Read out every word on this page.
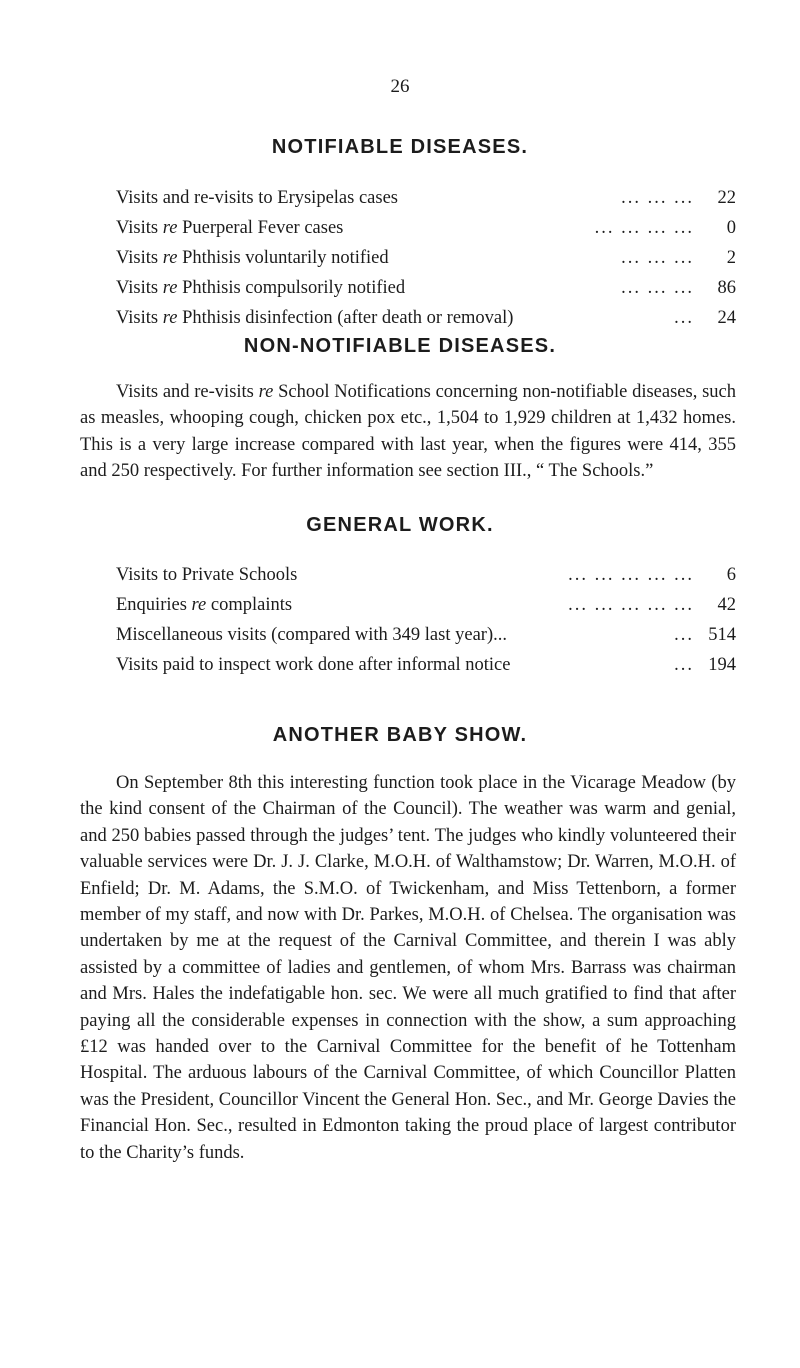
26
NOTIFIABLE DISEASES.
Visits and re-visits to Erysipelas cases	... ... ...	22
Visits re Puerperal Fever cases	... ... ... ...	0
Visits re Phthisis voluntarily notified	... ... ...	2
Visits re Phthisis compulsorily notified	... ... ...	86
Visits re Phthisis disinfection (after death or removal)	...	24
NON-NOTIFIABLE DISEASES.

Visits and re-visits re School Notifications concerning non-notifiable diseases, such as measles, whooping cough, chicken pox etc., 1,504 to 1,929 children at 1,432 homes. This is a very large increase compared with last year, when the figures were 414, 355 and 250 respectively. For further information see section III., “ The Schools.”

GENERAL WORK.
Visits to Private Schools	... ... ... ... ...	6
Enquiries re complaints	... ... ... ... ...	42
Miscellaneous visits (compared with 349 last year)...	... 514
Visits paid to inspect work done after informal notice	... 194
ANOTHER BABY SHOW.

On September 8th this interesting function took place in the Vicarage Meadow (by the kind consent of the Chairman of the Council). The weather was warm and genial, and 250 babies passed through the judges’ tent. The judges who kindly volunteered their valuable services were Dr. J. J. Clarke, M.O.H. of Walthamstow; Dr. Warren, M.O.H. of Enfield; Dr. M. Adams, the S.M.O. of Twickenham, and Miss Tettenborn, a former member of my staff, and now with Dr. Parkes, M.O.H. of Chelsea. The organisation was undertaken by me at the request of the Carnival Committee, and therein I was ably assisted by a committee of ladies and gentlemen, of whom Mrs. Barrass was chairman and Mrs. Hales the indefatigable hon. sec. We were all much gratified to find that after paying all the considerable expenses in connection with the show, a sum approaching £12 was handed over to the Carnival Committee for the benefit of he Tottenham Hospital. The arduous labours of the Carnival Committee, of which Councillor Platten was the President, Councillor Vincent the General Hon. Sec., and Mr. George Davies the Financial Hon. Sec., resulted in Edmonton taking the proud place of largest contributor to the Charity’s funds.
